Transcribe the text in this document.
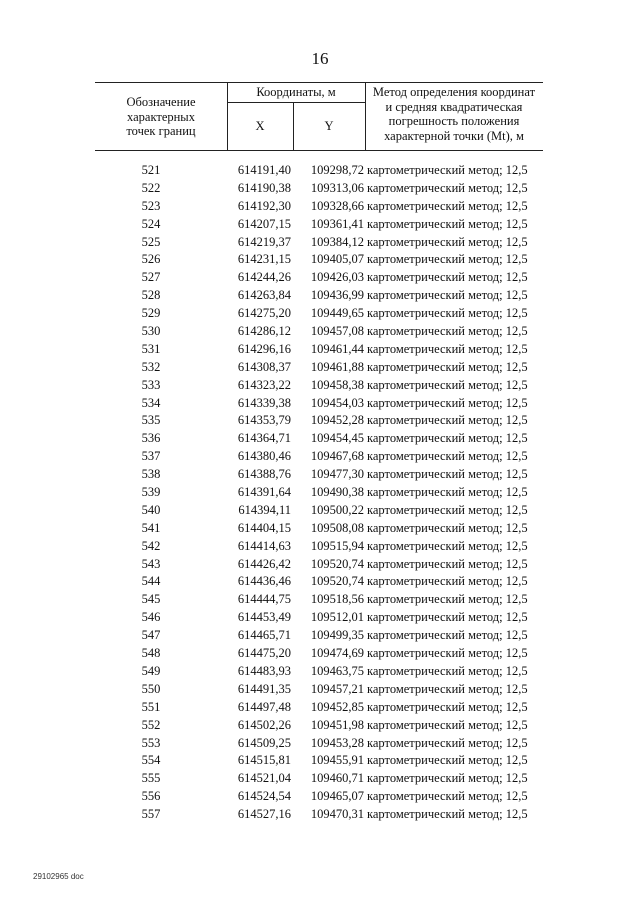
16
Обозначение
характерных
точек границ
Координаты, м
X	Y
Метод определения координат
и средняя квадратическая
погрешность положения
характерной точки (Mt), м
521	614191,40	109298,72 картометрический метод; 12,5
522	614190,38	109313,06 картометрический метод; 12,5
523	614192,30	109328,66 картометрический метод; 12,5
524	614207,15	109361,41 картометрический метод; 12,5
525	614219,37	109384,12 картометрический метод; 12,5
526	614231,15	109405,07 картометрический метод; 12,5
527	614244,26	109426,03 картометрический метод; 12,5
528	614263,84	109436,99 картометрический метод; 12,5
529	614275,20	109449,65 картометрический метод; 12,5
530	614286,12	109457,08 картометрический метод; 12,5
531	614296,16	109461,44 картометрический метод; 12,5
532	614308,37	109461,88 картометрический метод; 12,5
533	614323,22	109458,38 картометрический метод; 12,5
534	614339,38	109454,03 картометрический метод; 12,5
535	614353,79	109452,28 картометрический метод; 12,5
536	614364,71	109454,45 картометрический метод; 12,5
537	614380,46	109467,68 картометрический метод; 12,5
538	614388,76	109477,30 картометрический метод; 12,5
539	614391,64	109490,38 картометрический метод; 12,5
540	614394,11	109500,22 картометрический метод; 12,5
541	614404,15	109508,08 картометрический метод; 12,5
542	614414,63	109515,94 картометрический метод; 12,5
543	614426,42	109520,74 картометрический метод; 12,5
544	614436,46	109520,74 картометрический метод; 12,5
545	614444,75	109518,56 картометрический метод; 12,5
546	614453,49	109512,01 картометрический метод; 12,5
547	614465,71	109499,35 картометрический метод; 12,5
548	614475,20	109474,69 картометрический метод; 12,5
549	614483,93	109463,75 картометрический метод; 12,5
550	614491,35	109457,21 картометрический метод; 12,5
551	614497,48	109452,85 картометрический метод; 12,5
552	614502,26	109451,98 картометрический метод; 12,5
553	614509,25	109453,28 картометрический метод; 12,5
554	614515,81	109455,91 картометрический метод; 12,5
555	614521,04	109460,71 картометрический метод; 12,5
556	614524,54	109465,07 картометрический метод; 12,5
557	614527,16	109470,31 картометрический метод; 12,5
29102965 doc
